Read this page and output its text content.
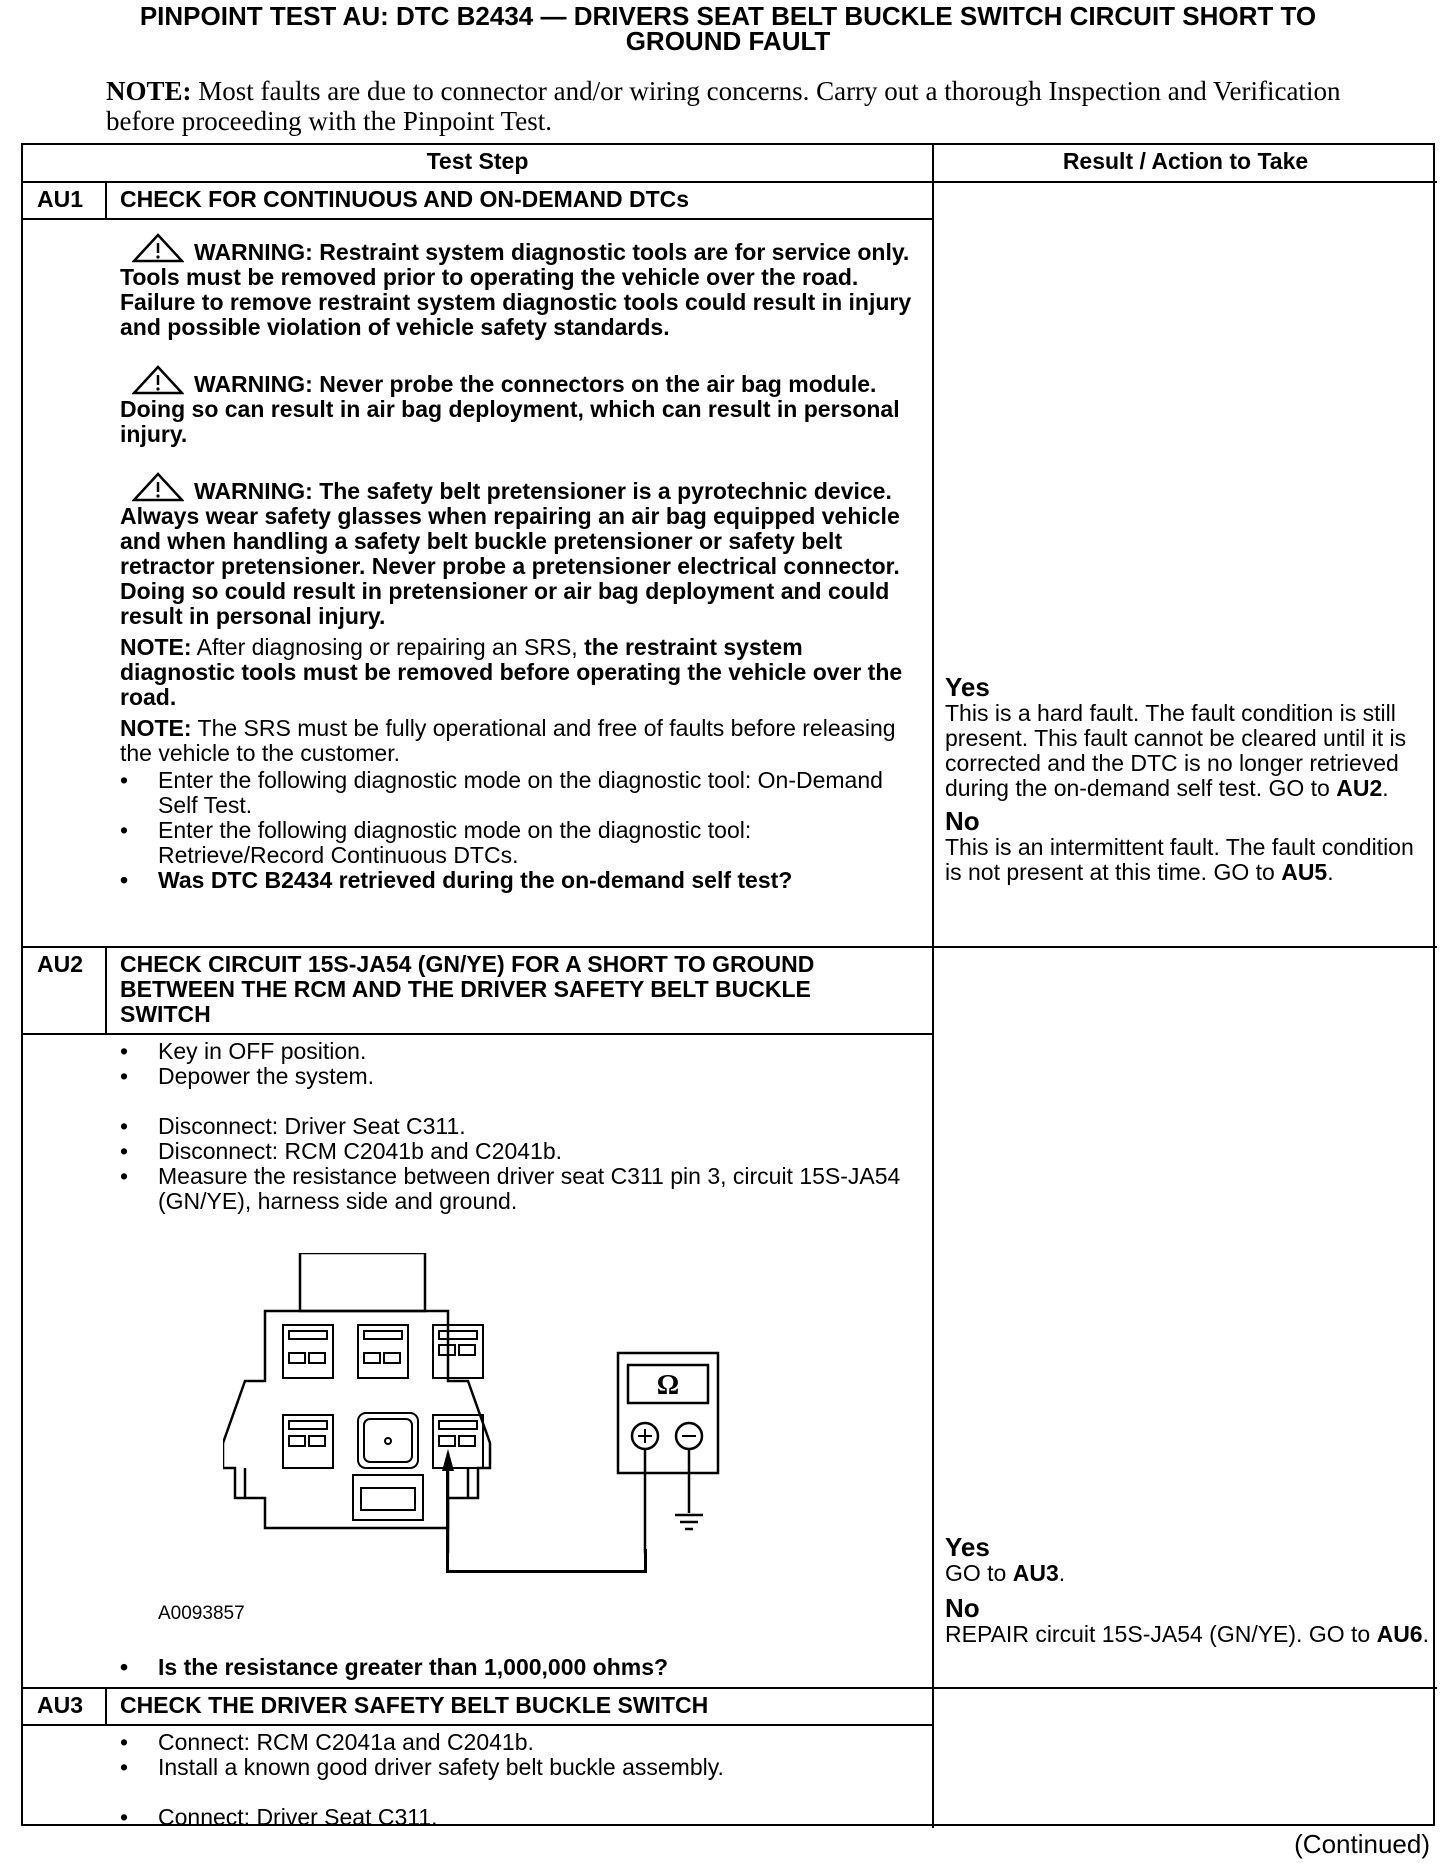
PINPOINT TEST AU: DTC B2434 — DRIVERS SEAT BELT BUCKLE SWITCH CIRCUIT SHORT TO
GROUND FAULT
NOTE: Most faults are due to connector and/or wiring concerns. Carry out a thorough Inspection and Verification before proceeding with the Pinpoint Test.
Test Step	Result / Action to Take
AU1 CHECK FOR CONTINUOUS AND ON-DEMAND DTCs
WARNING: Restraint system diagnostic tools are for service only. Tools must be removed prior to operating the vehicle over the road. Failure to remove restraint system diagnostic tools could result in injury and possible violation of vehicle safety standards.
WARNING: Never probe the connectors on the air bag module. Doing so can result in air bag deployment, which can result in personal injury.
WARNING: The safety belt pretensioner is a pyrotechnic device. Always wear safety glasses when repairing an air bag equipped vehicle and when handling a safety belt buckle pretensioner or safety belt retractor pretensioner. Never probe a pretensioner electrical connector. Doing so could result in pretensioner or air bag deployment and could result in personal injury.
NOTE: After diagnosing or repairing an SRS, the restraint system diagnostic tools must be removed before operating the vehicle over the road.
NOTE: The SRS must be fully operational and free of faults before releasing the vehicle to the customer.
• Enter the following diagnostic mode on the diagnostic tool: On-Demand Self Test.
• Enter the following diagnostic mode on the diagnostic tool: Retrieve/Record Continuous DTCs.
• Was DTC B2434 retrieved during the on-demand self test?
Yes
This is a hard fault. The fault condition is still present. This fault cannot be cleared until it is corrected and the DTC is no longer retrieved during the on-demand self test. GO to AU2.
No
This is an intermittent fault. The fault condition is not present at this time. GO to AU5.
AU2 CHECK CIRCUIT 15S-JA54 (GN/YE) FOR A SHORT TO GROUND BETWEEN THE RCM AND THE DRIVER SAFETY BELT BUCKLE SWITCH
• Key in OFF position.
• Depower the system.
• Disconnect: Driver Seat C311.
• Disconnect: RCM C2041b and C2041b.
• Measure the resistance between driver seat C311 pin 3, circuit 15S-JA54 (GN/YE), harness side and ground.
Ω
A0093857
• Is the resistance greater than 1,000,000 ohms?
Yes
GO to AU3.
No
REPAIR circuit 15S-JA54 (GN/YE). GO to AU6.
AU3 CHECK THE DRIVER SAFETY BELT BUCKLE SWITCH
• Connect: RCM C2041a and C2041b.
• Install a known good driver safety belt buckle assembly.
• Connect: Driver Seat C311.
(Continued)
